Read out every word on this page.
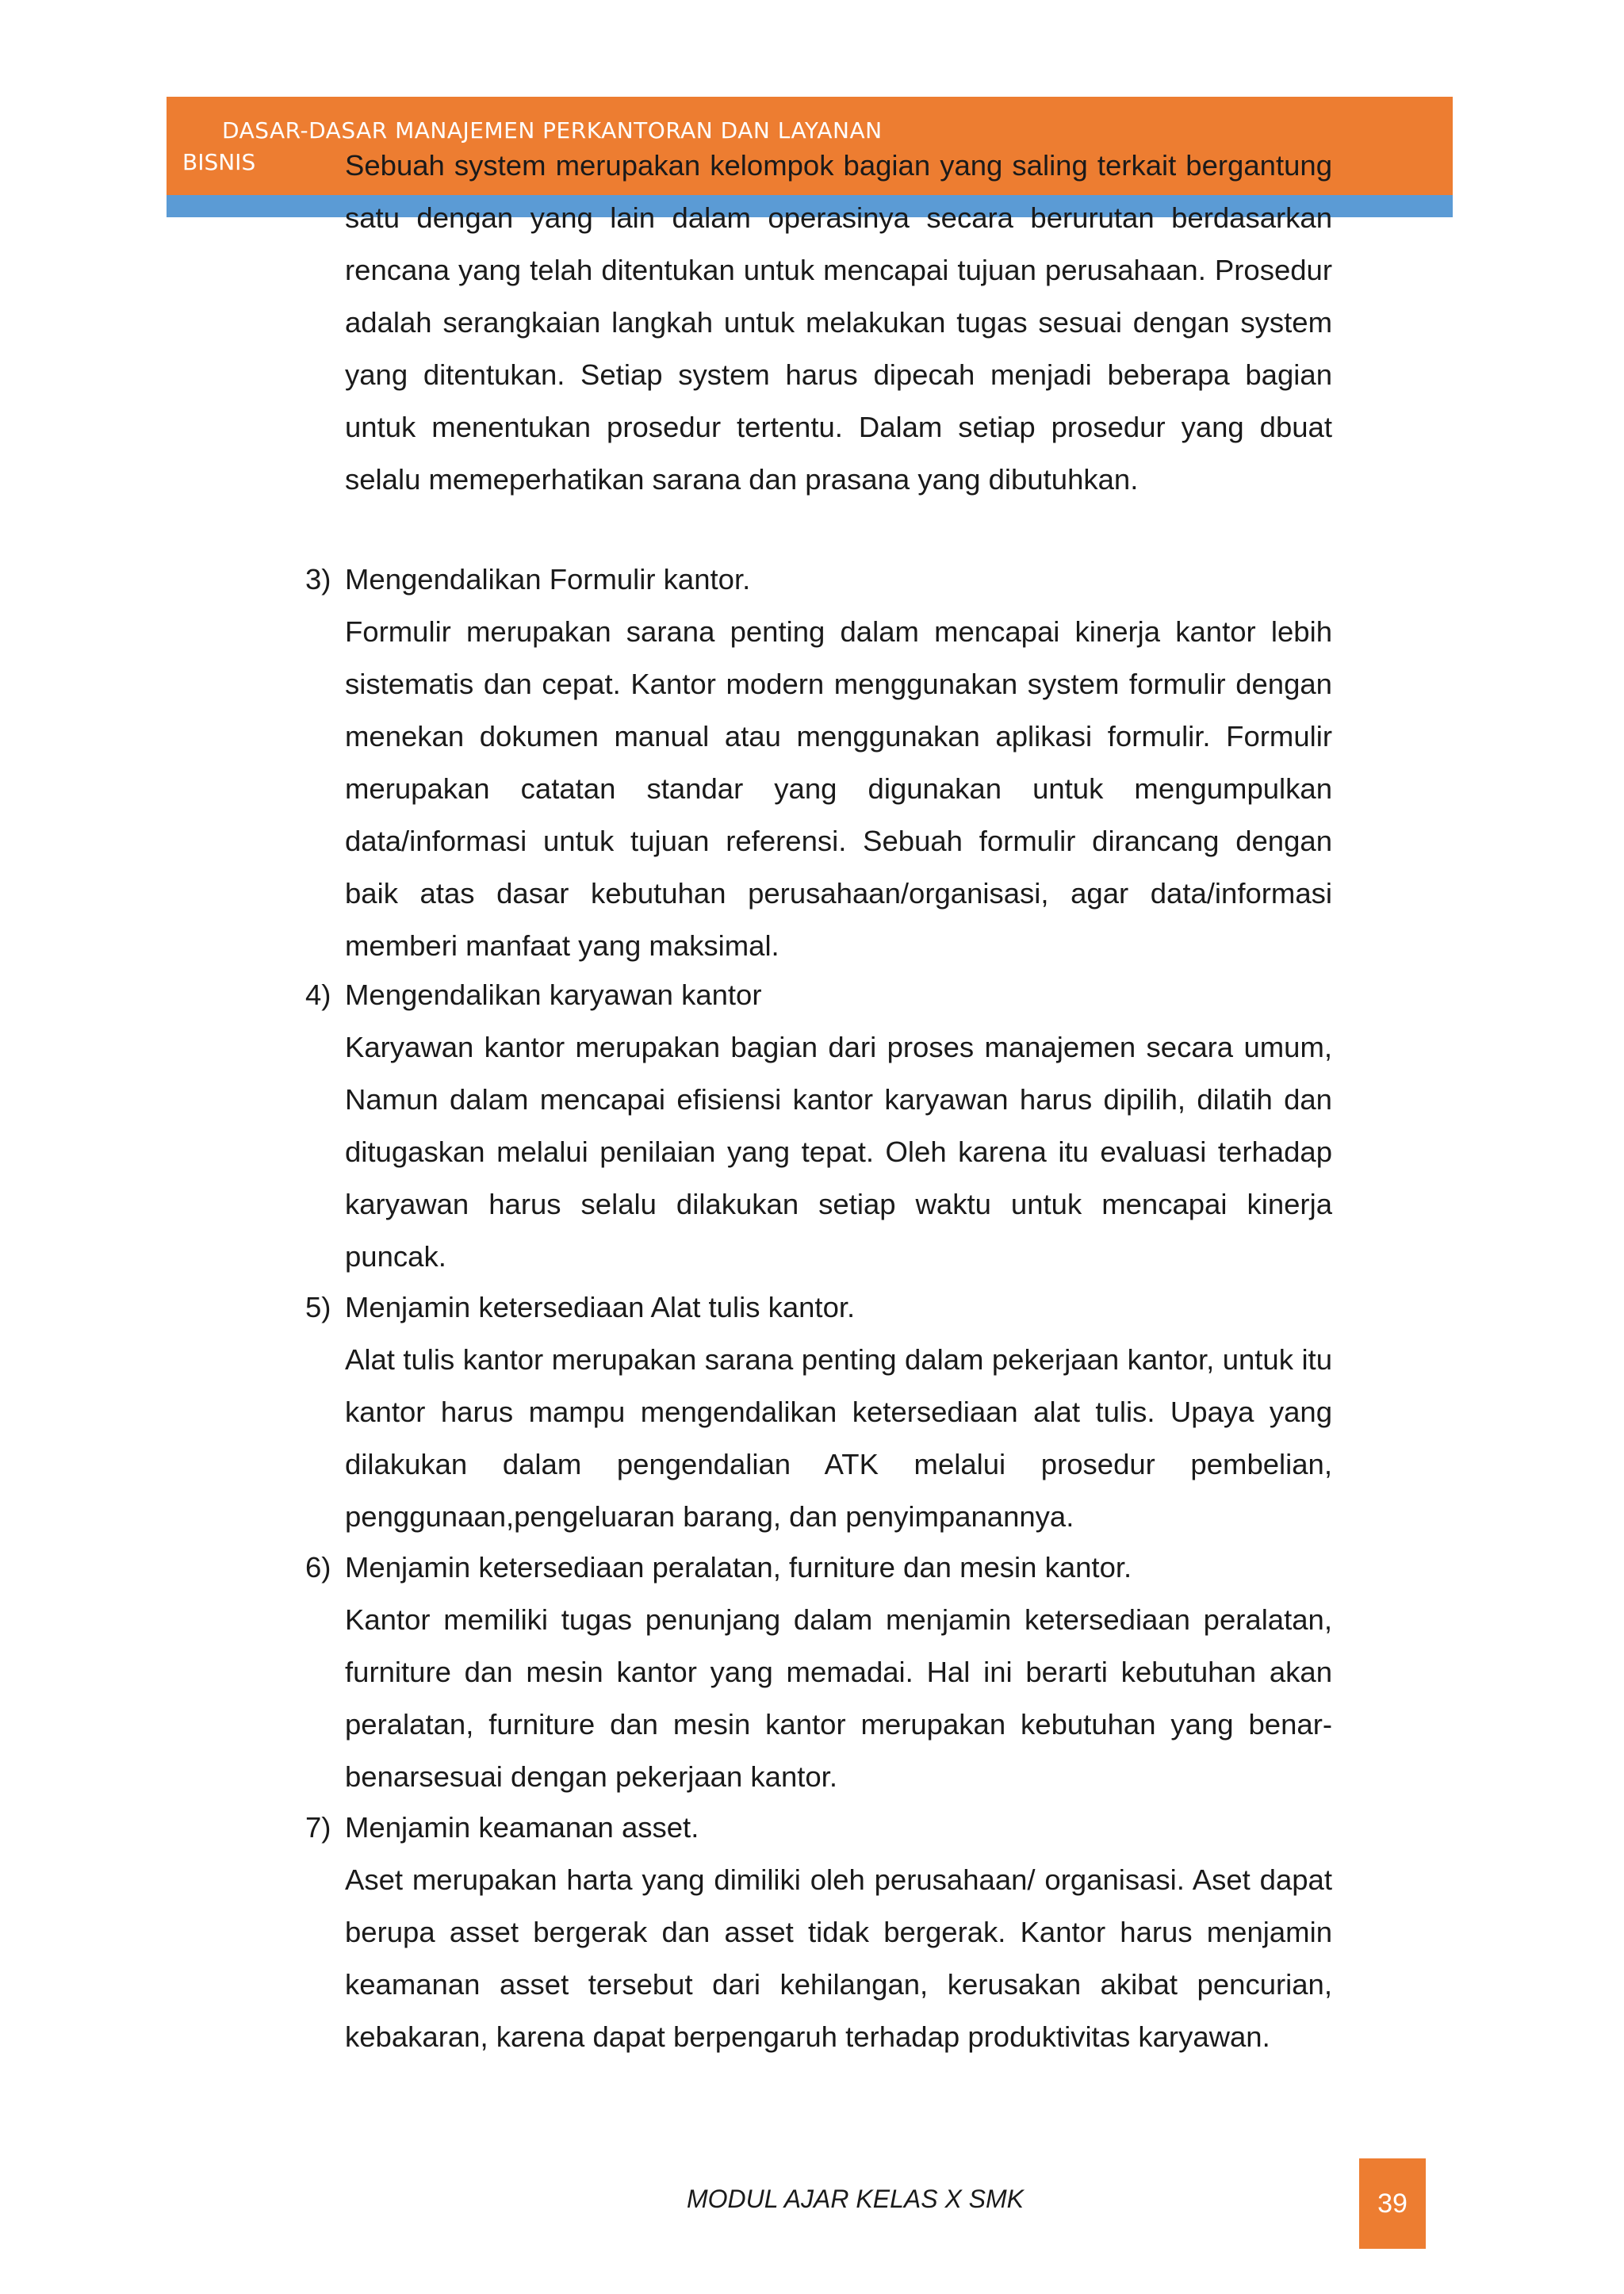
Sebuah system merupakan kelompok bagian yang saling terkait bergantung satu dengan yang lain dalam operasinya secara berurutan berdasarkan rencana yang telah ditentukan untuk mencapai tujuan perusahaan. Prosedur adalah serangkaian langkah untuk melakukan tugas sesuai dengan system yang ditentukan. Setiap system harus dipecah menjadi beberapa bagian untuk menentukan prosedur tertentu. Dalam setiap prosedur yang dbuat selalu memeperhatikan sarana dan prasana yang dibutuhkan.

3) Mengendalikan Formulir kantor.

Formulir merupakan sarana penting dalam mencapai kinerja kantor lebih sistematis dan cepat. Kantor modern menggunakan system formulir dengan menekan dokumen manual atau menggunakan aplikasi formulir. Formulir merupakan catatan standar yang digunakan untuk mengumpulkan data/informasi untuk tujuan referensi. Sebuah formulir dirancang dengan baik atas dasar kebutuhan perusahaan/organisasi, agar data/informasi memberi manfaat yang maksimal.

4) Mengendalikan karyawan kantor

Karyawan kantor merupakan bagian dari proses manajemen secara umum, Namun dalam mencapai efisiensi kantor karyawan harus dipilih, dilatih dan ditugaskan melalui penilaian yang tepat. Oleh karena itu evaluasi terhadap karyawan harus selalu dilakukan setiap waktu untuk mencapai kinerja puncak.

5) Menjamin ketersediaan Alat tulis kantor.

Alat tulis kantor merupakan sarana penting dalam pekerjaan kantor, untuk itu kantor harus mampu mengendalikan ketersediaan alat tulis. Upaya yang dilakukan dalam pengendalian ATK melalui prosedur pembelian, penggunaan,pengeluaran barang, dan penyimpanannya.

6) Menjamin ketersediaan peralatan, furniture dan mesin kantor.

Kantor memiliki tugas penunjang dalam menjamin ketersediaan peralatan, furniture dan mesin kantor yang memadai. Hal ini berarti kebutuhan akan peralatan, furniture dan mesin kantor merupakan kebutuhan yang benar-benarsesuai dengan pekerjaan kantor.

7) Menjamin keamanan asset.

Aset merupakan harta yang dimiliki oleh perusahaan/ organisasi. Aset dapat berupa asset bergerak dan asset tidak bergerak. Kantor harus menjamin keamanan asset tersebut dari kehilangan, kerusakan akibat pencurian, kebakaran, karena dapat berpengaruh terhadap produktivitas karyawan.

DASAR-DASAR MANAJEMEN PERKANTORAN DAN LAYANAN
BISNIS
MODUL AJAR KELAS X SMK	39
